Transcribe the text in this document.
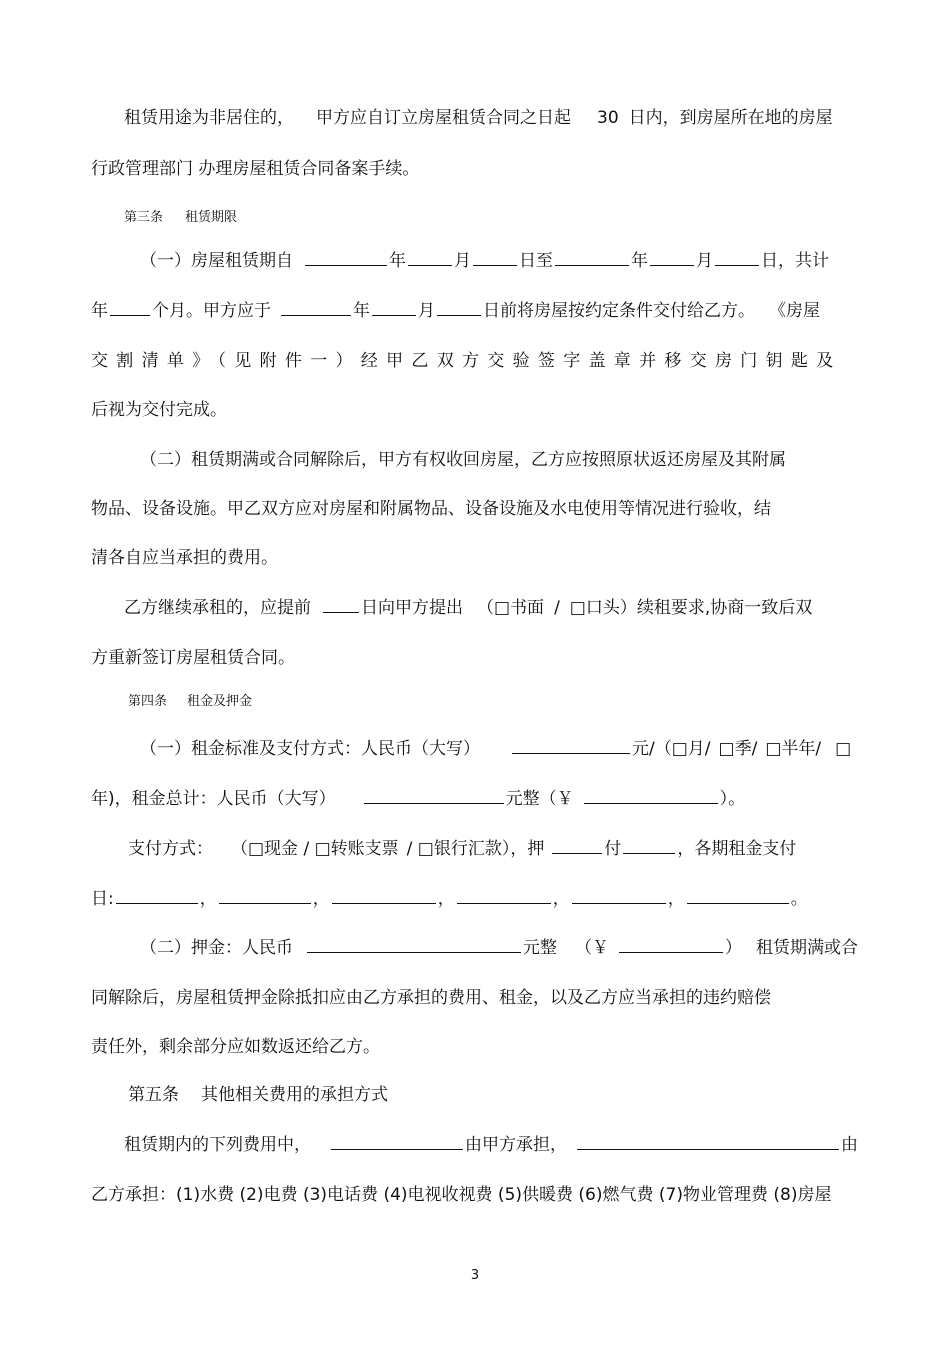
租赁用途为非居住的， 甲方应自订立房屋租赁合同之日起 30 日内，到房屋所在地的房屋
行政管理部门 办理房屋租赁合同备案手续。
第三条 租赁期限
（一）房屋租赁期自	年	月	日至	年	月	日，共计
年	个月。甲方应于	年	月	日前将房屋按约定条件交付给乙方。 《房屋
交割清单》（见附件一）经甲乙双方交验签字盖章并移交房门钥匙及
后视为交付完成。
（二）租赁期满或合同解除后，甲方有权收回房屋，乙方应按照原状返还房屋及其附属
物品、设备设施。甲乙双方应对房屋和附属物品、设备设施及水电使用等情况进行验收，结
清各自应当承担的费用。
乙方继续承租的，应提前	日向甲方提出 （□书面 / □口头）续租要求,协商一致后双
方重新签订房屋租赁合同。
第四条 租金及押金
（一）租金标准及支付方式：人民币（大写）	元/（□月/ □季/ □半年/ □
年)，租金总计：人民币（大写）	元整（￥	）。
支付方式： （□现金 / □转账支票 / □银行汇款），押	付	，各期租金支付
日:	，	，	，	，	，	。
（二）押金：人民币	元整 （￥	） 租赁期满或合
同解除后，房屋租赁押金除抵扣应由乙方承担的费用、租金，以及乙方应当承担的违约赔偿
责任外，剩余部分应如数返还给乙方。
第五条 其他相关费用的承担方式
租赁期内的下列费用中，	由甲方承担，	由
乙方承担：(1)水费 (2)电费 (3)电话费 (4)电视收视费 (5)供暖费 (6)燃气费 (7)物业管理费 (8)房屋
3
